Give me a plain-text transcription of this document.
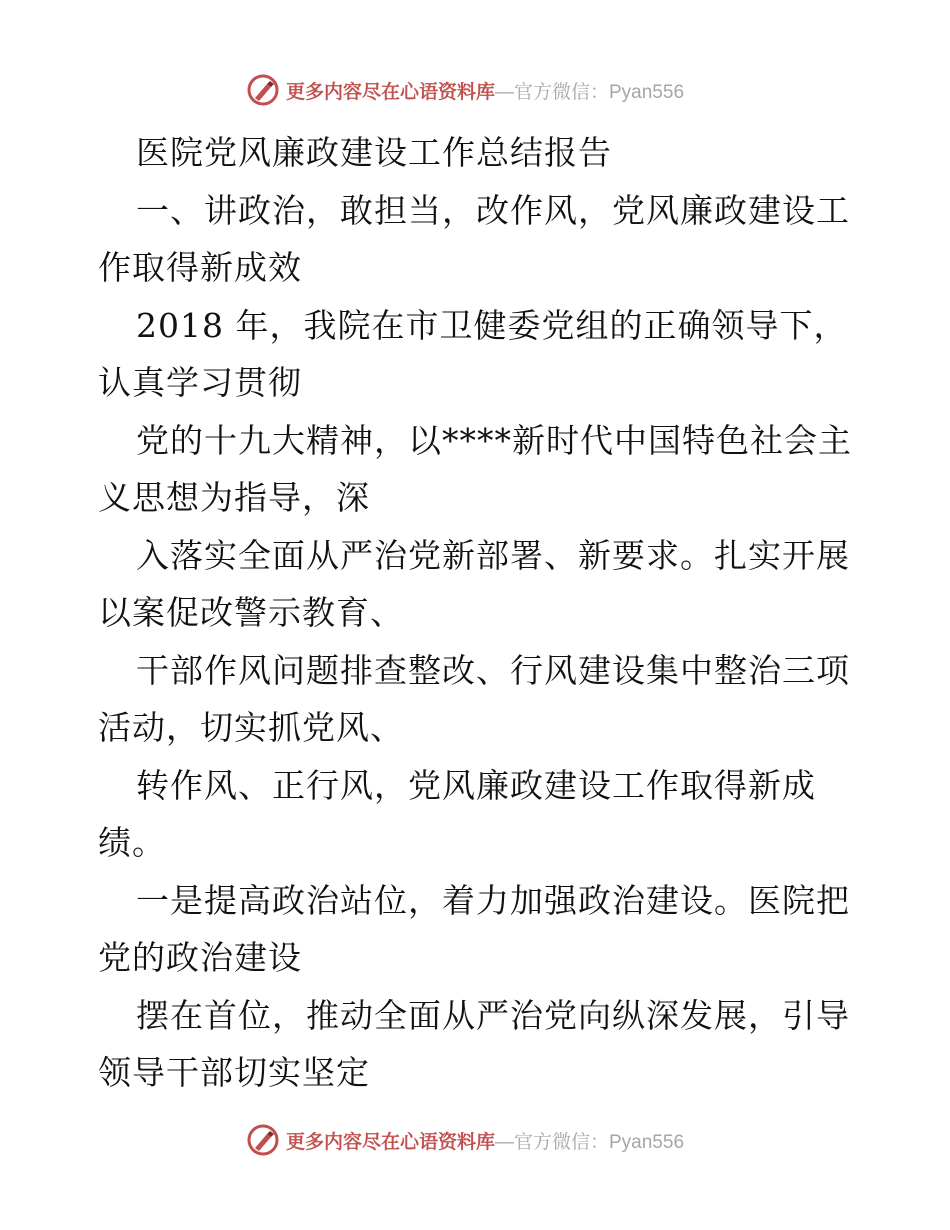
更多内容尽在心语资料库—官方微信：Pyan556
医院党风廉政建设工作总结报告
一、讲政治，敢担当，改作风，党风廉政建设工
作取得新成效
2018 年，我院在市卫健委党组的正确领导下，
认真学习贯彻
党的十九大精神，以****新时代中国特色社会主
义思想为指导，深
入落实全面从严治党新部署、新要求。扎实开展
以案促改警示教育、
干部作风问题排查整改、行风建设集中整治三项
活动，切实抓党风、
转作风、正行风，党风廉政建设工作取得新成
绩。
一是提高政治站位，着力加强政治建设。医院把
党的政治建设
摆在首位，推动全面从严治党向纵深发展，引导
领导干部切实坚定
更多内容尽在心语资料库—官方微信：Pyan556
